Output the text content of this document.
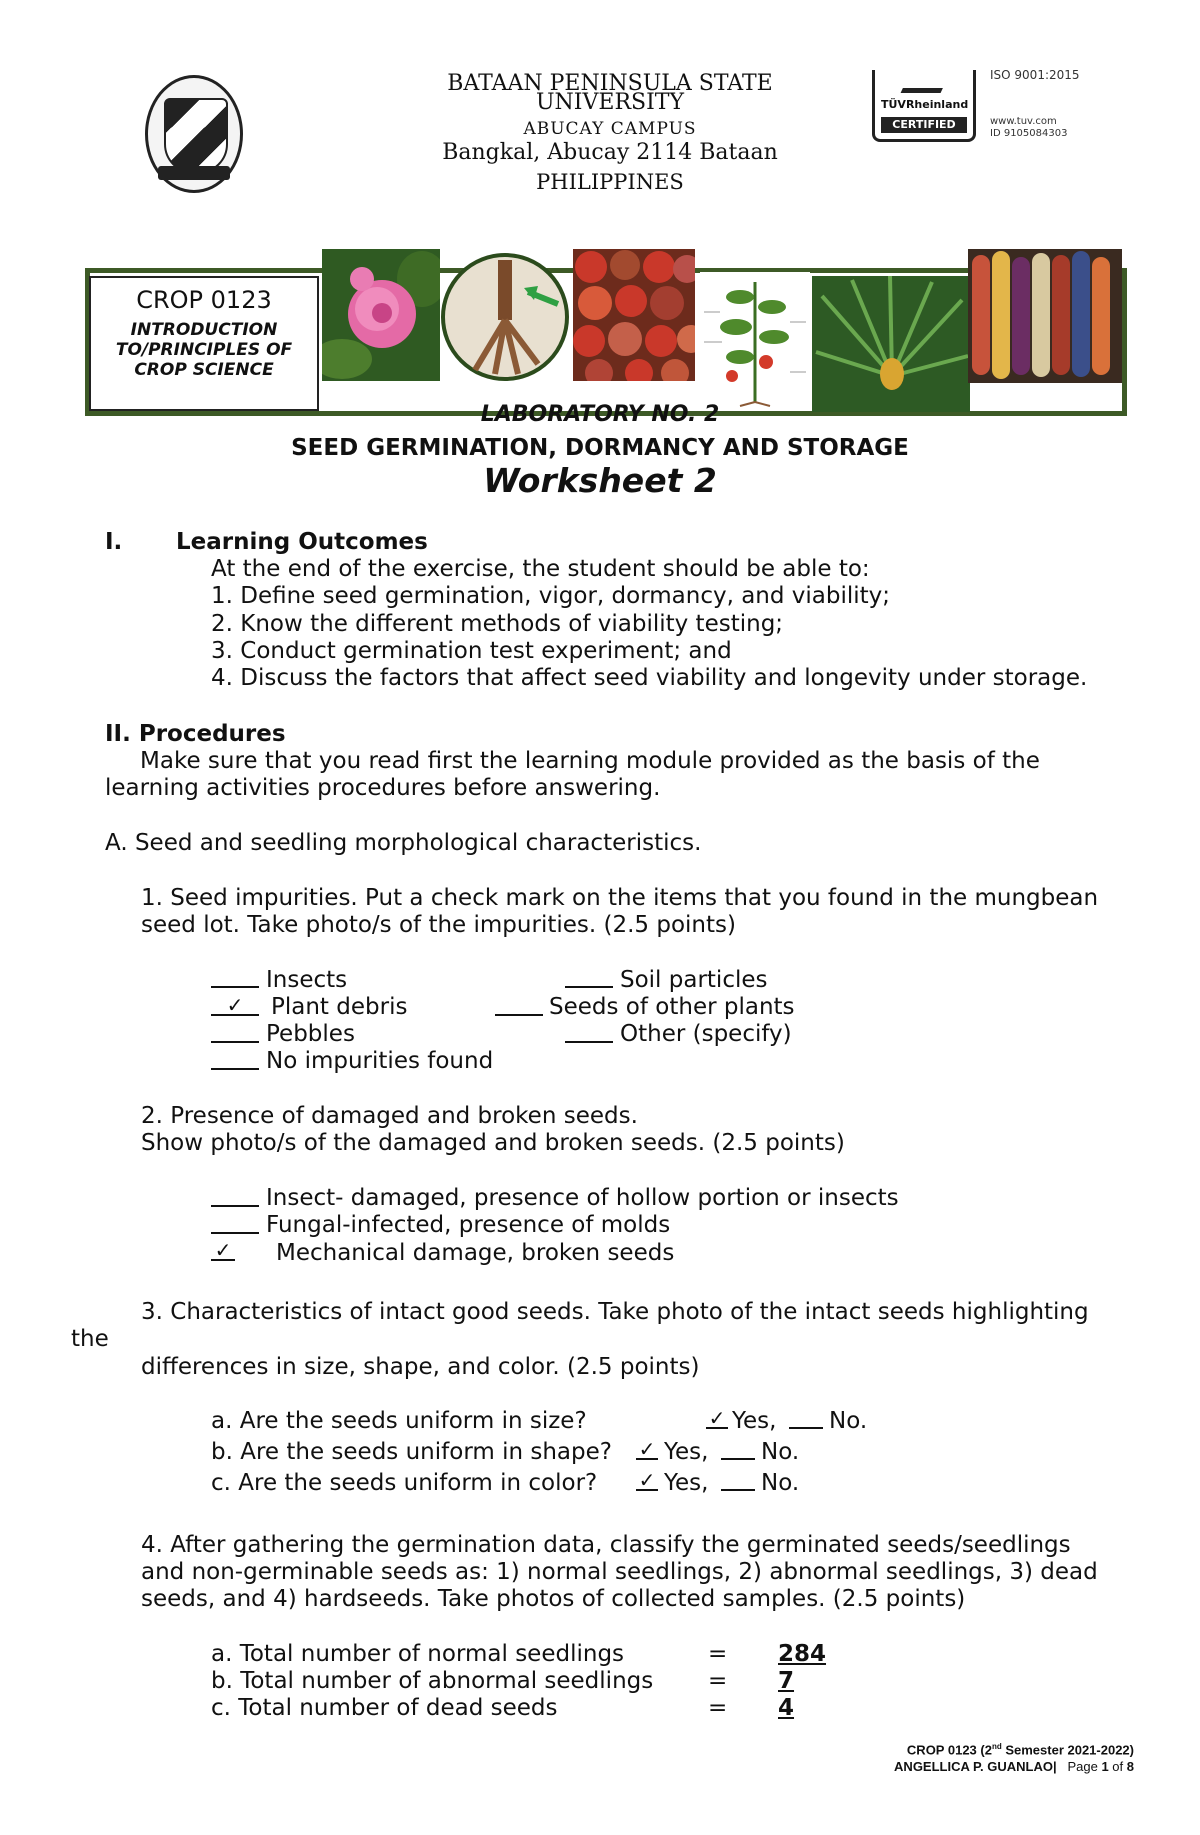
BATAAN PENINSULA STATE
UNIVERSITY
ABUCAY CAMPUS
Bangkal, Abucay 2114 Bataan
PHILIPPINES
TÜVRheinland
CERTIFIED
ISO 9001:2015
www.tuv.com
ID 9105084303
CROP 0123
INTRODUCTION
TO/PRINCIPLES OF
CROP SCIENCE
LABORATORY NO. 2
SEED GERMINATION, DORMANCY AND STORAGE
Worksheet 2
I. Learning Outcomes
At the end of the exercise, the student should be able to:
1. Define seed germination, vigor, dormancy, and viability;
2. Know the different methods of viability testing;
3. Conduct germination test experiment; and
4. Discuss the factors that affect seed viability and longevity under storage.
II. Procedures
Make sure that you read first the learning module provided as the basis of the
learning activities procedures before answering.
A. Seed and seedling morphological characteristics.
1. Seed impurities. Put a check mark on the items that you found in the mungbean
seed lot. Take photo/s of the impurities. (2.5 points)
Insects	Soil particles
✓	Plant debris	Seeds of other plants
Pebbles	Other (specify)
No impurities found
2. Presence of damaged and broken seeds.
Show photo/s of the damaged and broken seeds. (2.5 points)
Insect- damaged, presence of hollow portion or insects
Fungal-infected, presence of molds
✓ Mechanical damage, broken seeds
3. Characteristics of intact good seeds. Take photo of the intact seeds highlighting
the
differences in size, shape, and color. (2.5 points)
a. Are the seeds uniform in size?	✓ Yes, No.
b. Are the seeds uniform in shape? ✓ Yes, No.
c. Are the seeds uniform in color? ✓ Yes, No.
4. After gathering the germination data, classify the germinated seeds/seedlings
and non-germinable seeds as: 1) normal seedlings, 2) abnormal seedlings, 3) dead
seeds, and 4) hardseeds. Take photos of collected samples. (2.5 points)
a. Total number of normal seedlings	= 284
b. Total number of abnormal seedlings = 7
c. Total number of dead seeds	= 4
CROP 0123 (2nd Semester 2021-2022)
ANGELLICA P. GUANLAO| Page 1 of 8
